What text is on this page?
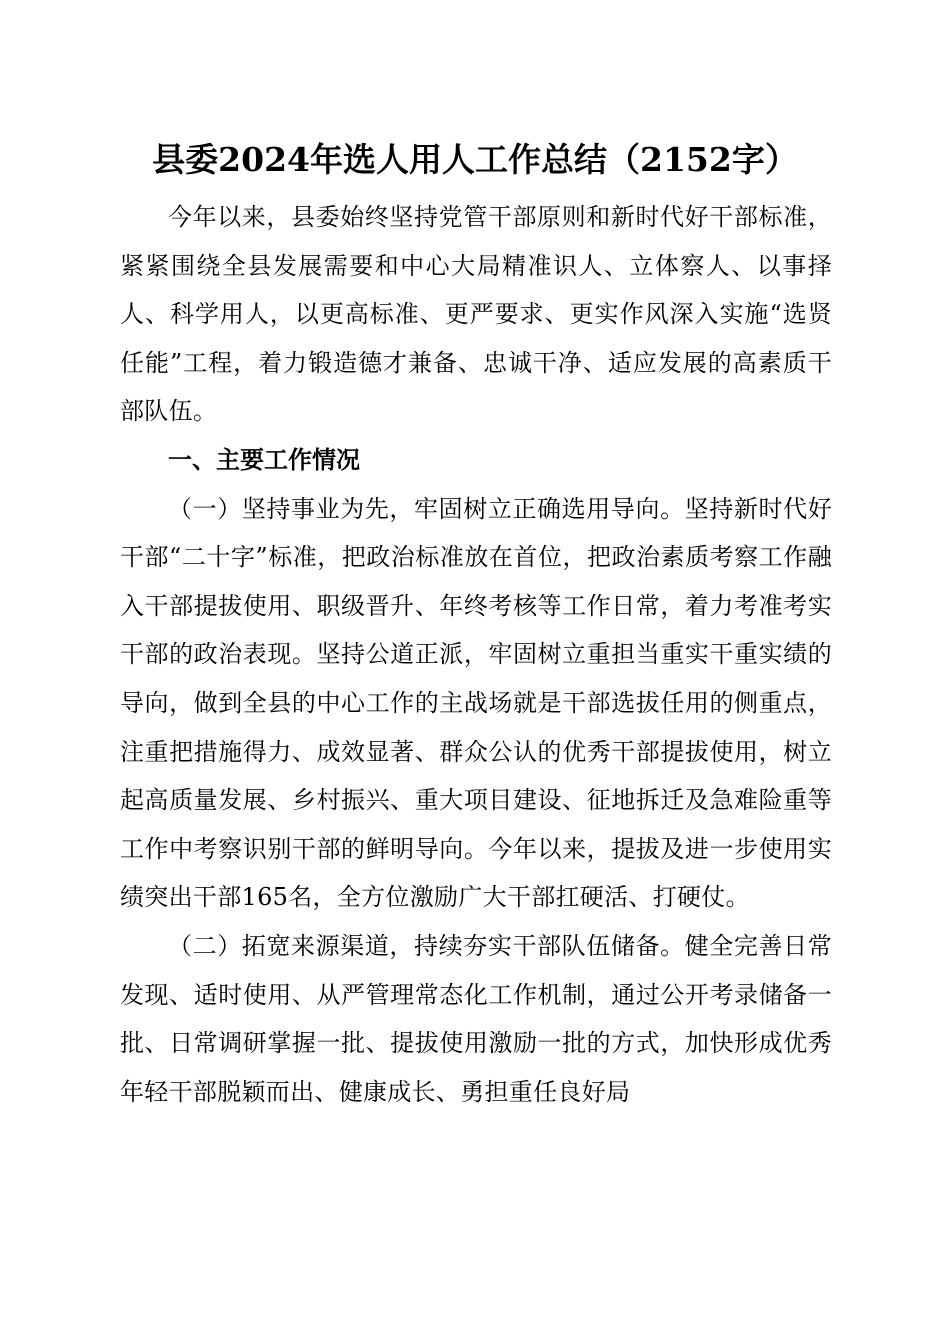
县委2024年选人用人工作总结（2152字）

今年以来，县委始终坚持党管干部原则和新时代好干部标准，紧紧围绕全县发展需要和中心大局精准识人、立体察人、以事择人、科学用人，以更高标准、更严要求、更实作风深入实施“选贤任能”工程，着力锻造德才兼备、忠诚干净、适应发展的高素质干部队伍。

一、主要工作情况

（一）坚持事业为先，牢固树立正确选用导向。坚持新时代好干部“二十字”标准，把政治标准放在首位，把政治素质考察工作融入干部提拔使用、职级晋升、年终考核等工作日常，着力考准考实干部的政治表现。坚持公道正派，牢固树立重担当重实干重实绩的导向，做到全县的中心工作的主战场就是干部选拔任用的侧重点，注重把措施得力、成效显著、群众公认的优秀干部提拔使用，树立起高质量发展、乡村振兴、重大项目建设、征地拆迁及急难险重等工作中考察识别干部的鲜明导向。今年以来，提拔及进一步使用实绩突出干部165名，全方位激励广大干部扛硬活、打硬仗。

（二）拓宽来源渠道，持续夯实干部队伍储备。健全完善日常发现、适时使用、从严管理常态化工作机制，通过公开考录储备一批、日常调研掌握一批、提拔使用激励一批的方式，加快形成优秀年轻干部脱颖而出、健康成长、勇担重任良好局
